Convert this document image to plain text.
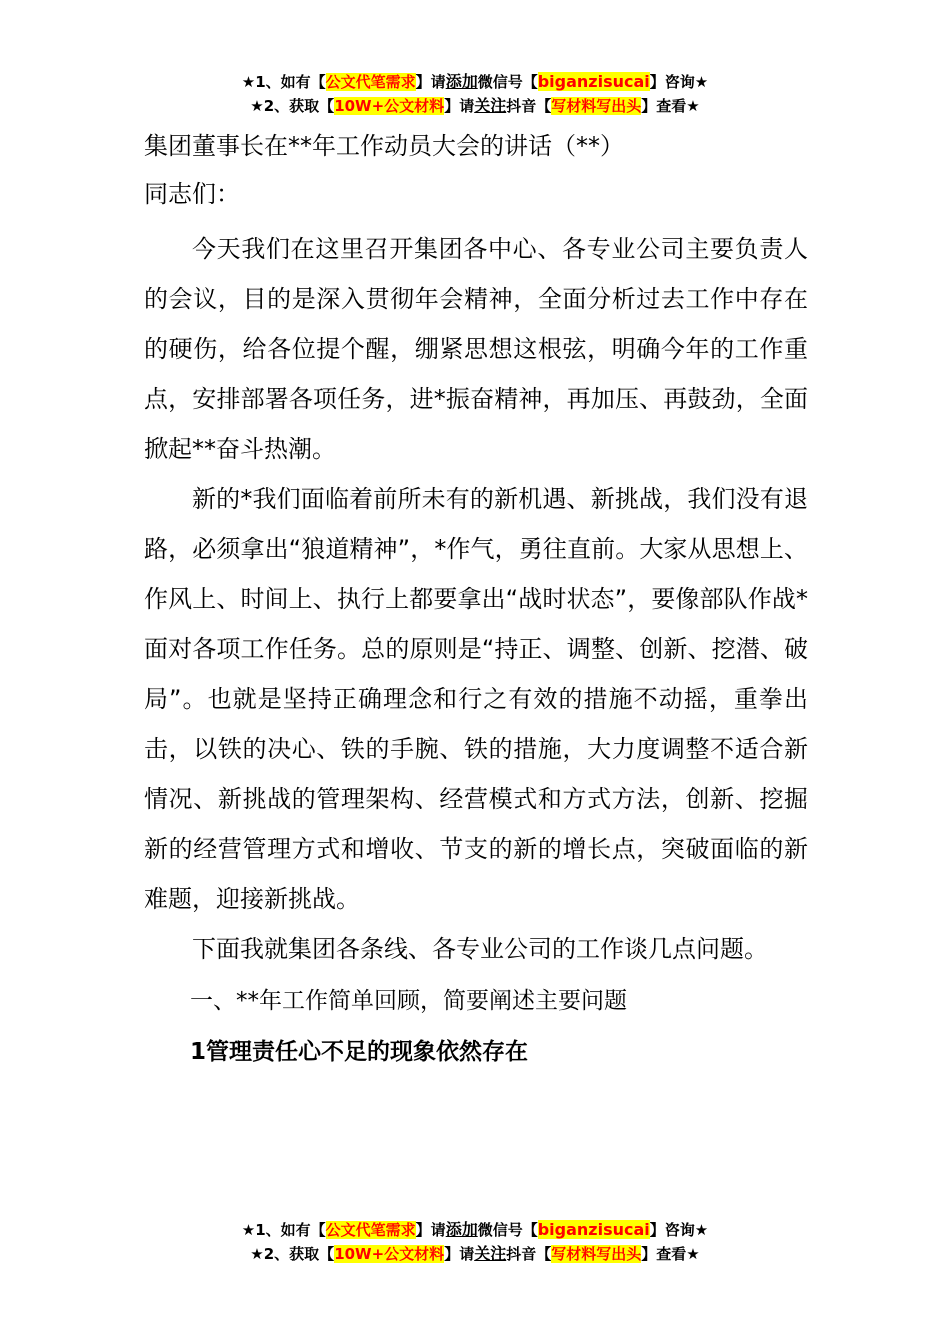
★1、如有【公文代笔需求】请添加微信号【biganzisucai】咨询★
★2、获取【10W+公文材料】请关注抖音【写材料写出头】查看★

集团董事长在**年工作动员大会的讲话（**）

同志们：

今天我们在这里召开集团各中心、各专业公司主要负责人的会议，目的是深入贯彻年会精神，全面分析过去工作中存在的硬伤，给各位提个醒，绷紧思想这根弦，明确今年的工作重点，安排部署各项任务，进*振奋精神，再加压、再鼓劲，全面掀起**奋斗热潮。

新的*我们面临着前所未有的新机遇、新挑战，我们没有退路，必须拿出“狼道精神”，*作气，勇往直前。大家从思想上、作风上、时间上、执行上都要拿出“战时状态”，要像部队作战*面对各项工作任务。总的原则是“持正、调整、创新、挖潜、破局”。也就是坚持正确理念和行之有效的措施不动摇，重拳出击，以铁的决心、铁的手腕、铁的措施，大力度调整不适合新情况、新挑战的管理架构、经营模式和方式方法，创新、挖掘新的经营管理方式和增收、节支的新的增长点，突破面临的新难题，迎接新挑战。

下面我就集团各条线、各专业公司的工作谈几点问题。

一、**年工作简单回顾，简要阐述主要问题

1管理责任心不足的现象依然存在

★1、如有【公文代笔需求】请添加微信号【biganzisucai】咨询★
★2、获取【10W+公文材料】请关注抖音【写材料写出头】查看★
